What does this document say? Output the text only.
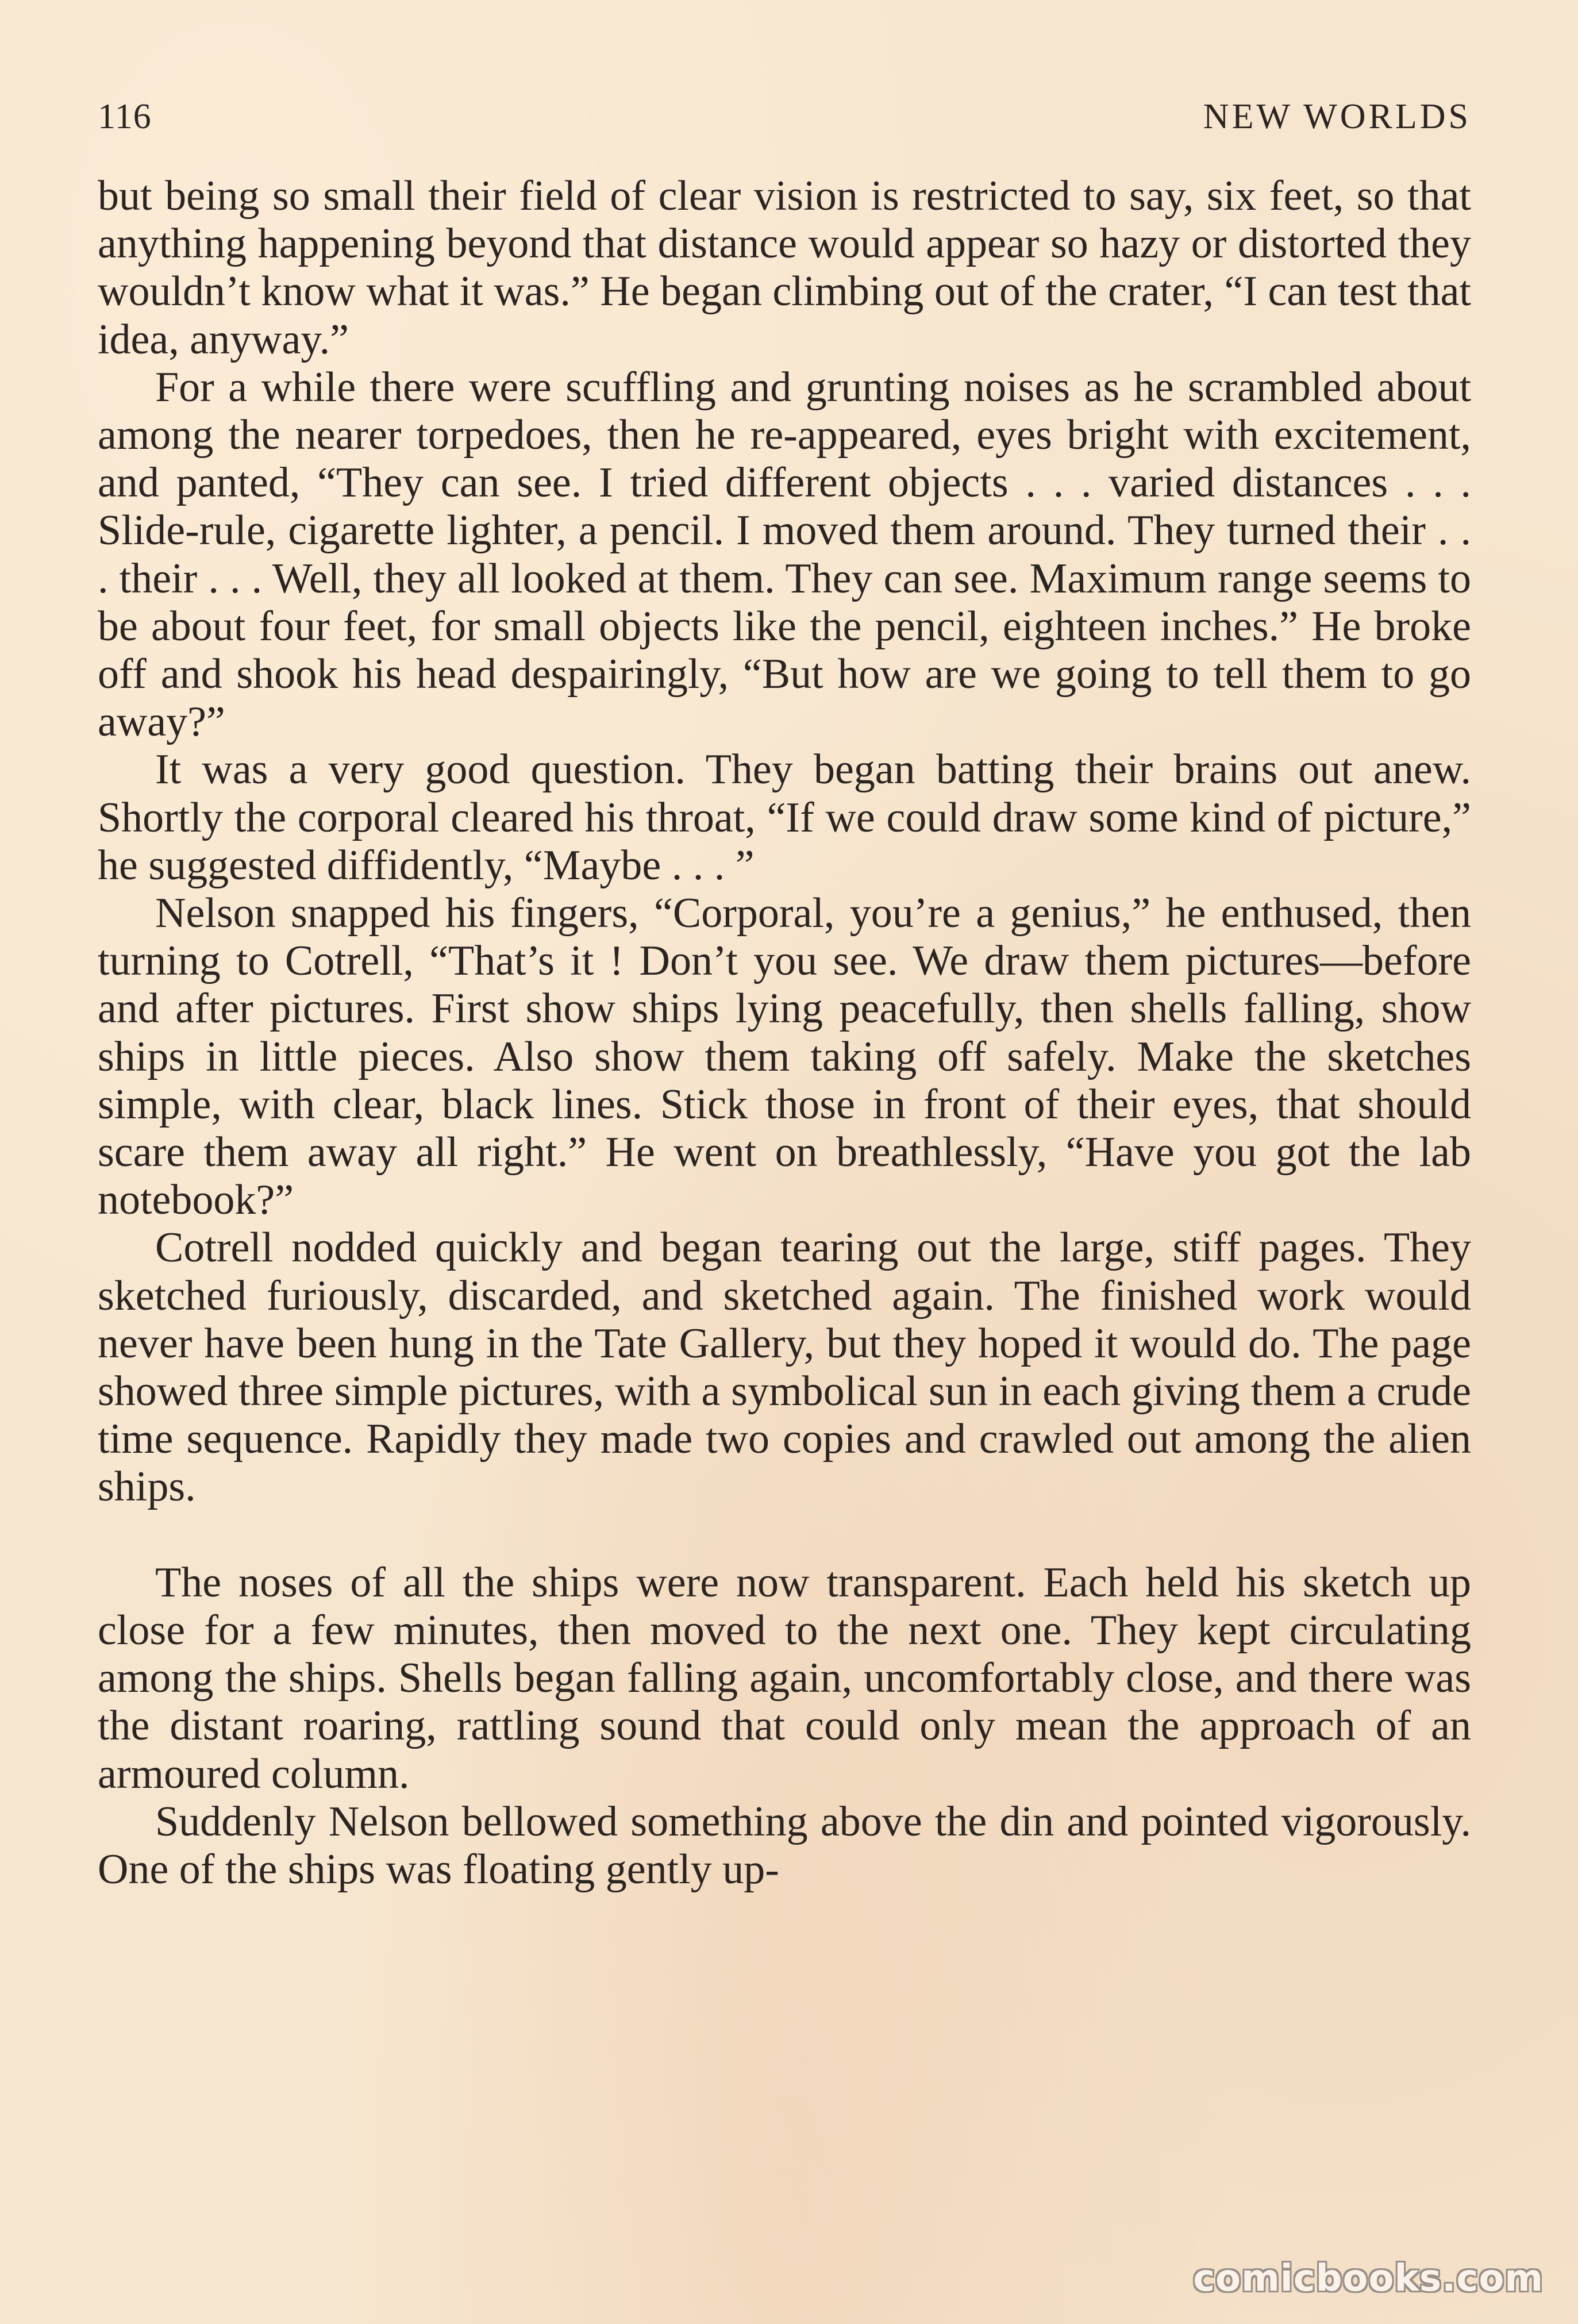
116	NEW WORLDS

but being so small their field of clear vision is restricted to say, six feet, so that anything happening beyond that distance would appear so hazy or distorted they wouldn’t know what it was.” He began climbing out of the crater, “I can test that idea, anyway.”

For a while there were scuffling and grunting noises as he scrambled about among the nearer torpedoes, then he re-appeared, eyes bright with excitement, and panted, “They can see. I tried different objects . . . varied distances . . . Slide-rule, cigarette lighter, a pencil. I moved them around. They turned their . . . their . . . Well, they all looked at them. They can see. Maximum range seems to be about four feet, for small objects like the pencil, eighteen inches.” He broke off and shook his head despairingly, “But how are we going to tell them to go away?”

It was a very good question. They began batting their brains out anew. Shortly the corporal cleared his throat, “If we could draw some kind of picture,” he suggested diffidently, “Maybe . . . ”

Nelson snapped his fingers, “Corporal, you’re a genius,” he enthused, then turning to Cotrell, “That’s it ! Don’t you see. We draw them pictures—before and after pictures. First show ships lying peacefully, then shells falling, show ships in little pieces. Also show them taking off safely. Make the sketches simple, with clear, black lines. Stick those in front of their eyes, that should scare them away all right.” He went on breathlessly, “Have you got the lab notebook?”

Cotrell nodded quickly and began tearing out the large, stiff pages. They sketched furiously, discarded, and sketched again. The finished work would never have been hung in the Tate Gallery, but they hoped it would do. The page showed three simple pictures, with a symbolical sun in each giving them a crude time sequence. Rapidly they made two copies and crawled out among the alien ships.

The noses of all the ships were now transparent. Each held his sketch up close for a few minutes, then moved to the next one. They kept circulating among the ships. Shells began falling again, uncomfortably close, and there was the distant roaring, rattling sound that could only mean the approach of an armoured column.

Suddenly Nelson bellowed something above the din and pointed vigorously. One of the ships was floating gently up-

comicbooks.com
